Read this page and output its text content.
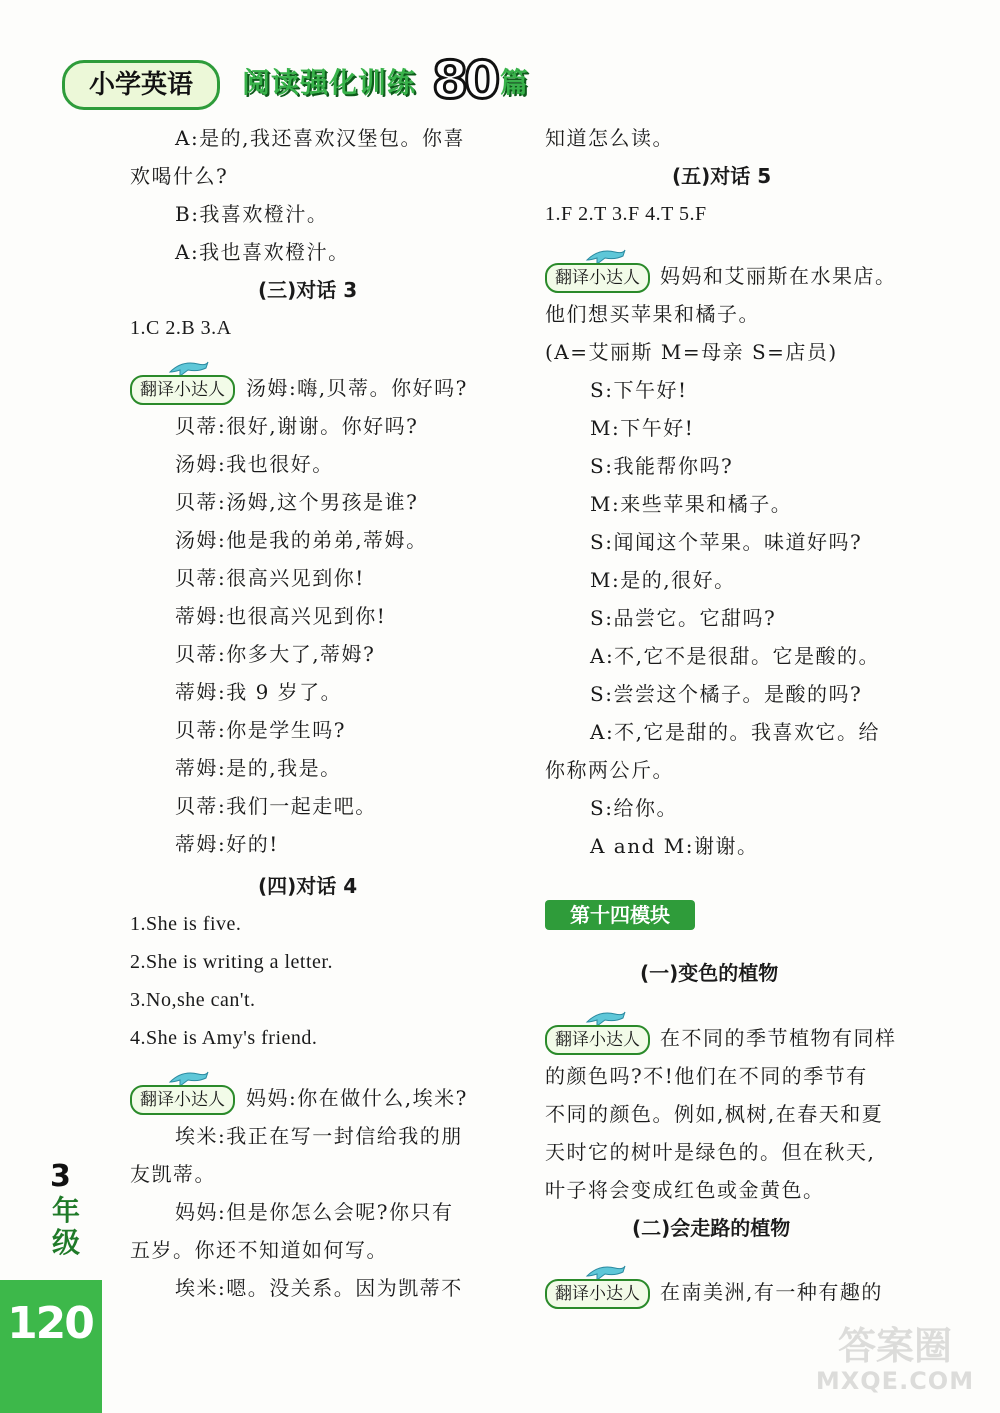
小学英语	阅读强化训练 80 篇
A:是的,我还喜欢汉堡包。你喜
欢喝什么?
B:我喜欢橙汁。
A:我也喜欢橙汁。
(三)对话 3
1.C 2.B 3.A
翻译小达人	汤姆:嗨,贝蒂。你好吗?
贝蒂:很好,谢谢。你好吗?
汤姆:我也很好。
贝蒂:汤姆,这个男孩是谁?
汤姆:他是我的弟弟,蒂姆。
贝蒂:很高兴见到你!
蒂姆:也很高兴见到你!
贝蒂:你多大了,蒂姆?
蒂姆:我 9 岁了。
贝蒂:你是学生吗?
蒂姆:是的,我是。
贝蒂:我们一起走吧。
蒂姆:好的!
(四)对话 4
1.She is five.
2.She is writing a letter.
3.No,she can't.
4.She is Amy's friend.
翻译小达人	妈妈:你在做什么,埃米?
埃米:我正在写一封信给我的朋
友凯蒂。
妈妈:但是你怎么会呢?你只有
五岁。你还不知道如何写。
埃米:嗯。没关系。因为凯蒂不
知道怎么读。
(五)对话 5
1.F 2.T 3.F 4.T 5.F
翻译小达人	妈妈和艾丽斯在水果店。
他们想买苹果和橘子。
(A=艾丽斯 M=母亲 S=店员)
S:下午好!
M:下午好!
S:我能帮你吗?
M:来些苹果和橘子。
S:闻闻这个苹果。味道好吗?
M:是的,很好。
S:品尝它。它甜吗?
A:不,它不是很甜。它是酸的。
S:尝尝这个橘子。是酸的吗?
A:不,它是甜的。我喜欢它。给
你称两公斤。
S:给你。
A and M:谢谢。
第十四模块
(一)变色的植物
翻译小达人	在不同的季节植物有同样
的颜色吗?不!他们在不同的季节有
不同的颜色。例如,枫树,在春天和夏
天时它的树叶是绿色的。但在秋天,
叶子将会变成红色或金黄色。
(二)会走路的植物
翻译小达人	在南美洲,有一种有趣的
3
年级
120	答案圈
MXQE.COM
